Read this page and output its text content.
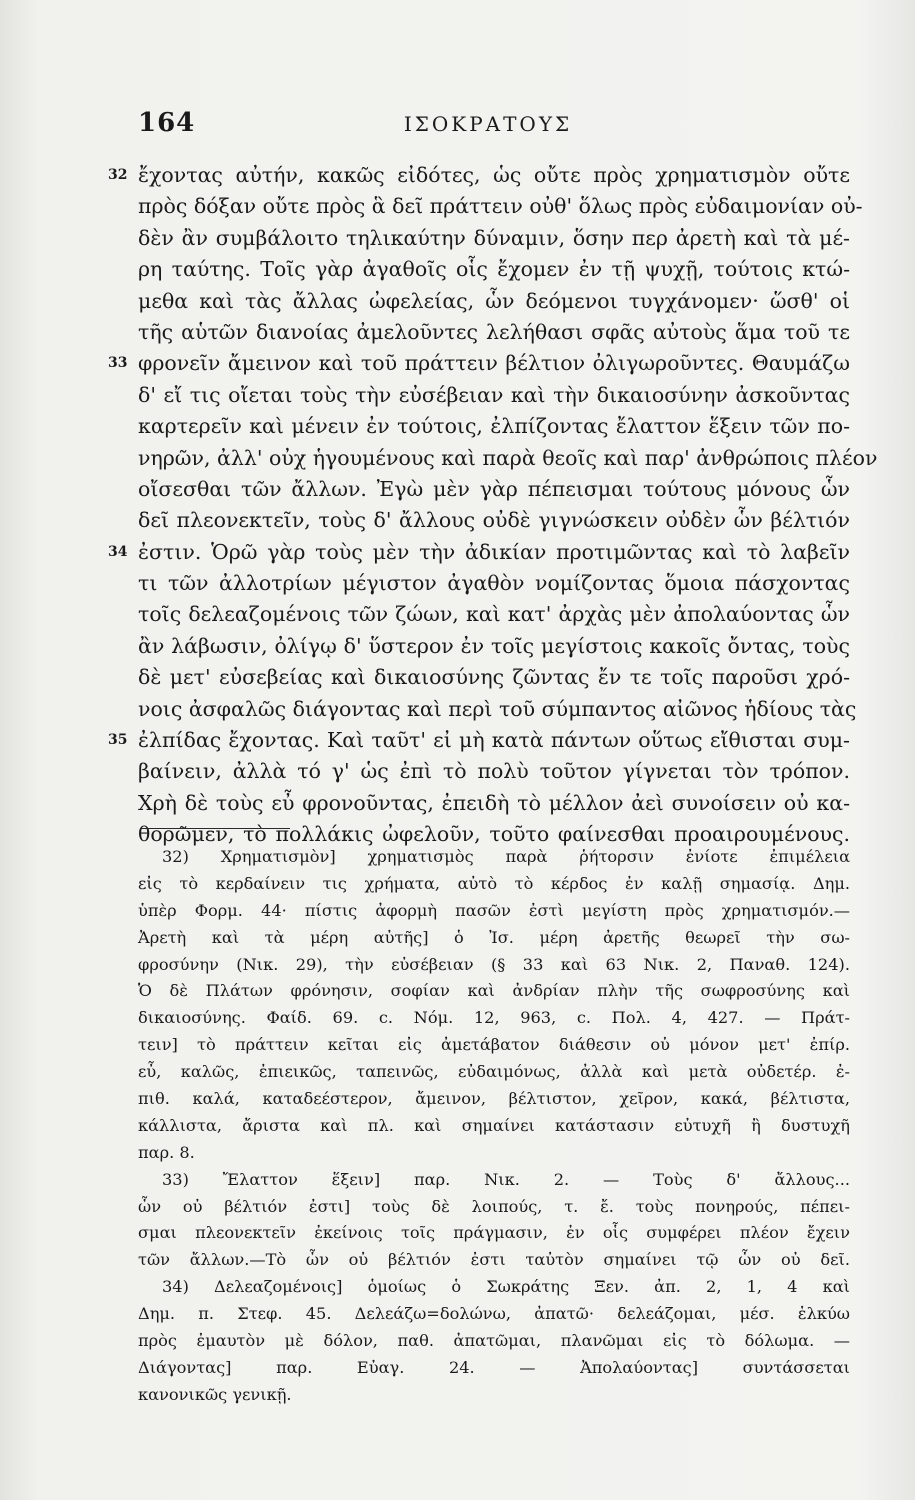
164	ΙΣΟΚΡΑΤΟΥΣ
32 ἔχοντας αὐτήν, κακῶς εἰδότες, ὡς οὔτε πρὸς χρηματισμὸν οὔτε
πρὸς δόξαν οὔτε πρὸς ἃ δεῖ πράττειν οὐθ' ὅλως πρὸς εὐδαιμονίαν οὐ-
δὲν ἂν συμβάλοιτο τηλικαύτην δύναμιν, ὅσην περ ἀρετὴ καὶ τὰ μέ-
ρη ταύτης. Τοῖς γὰρ ἀγαθοῖς οἷς ἔχομεν ἐν τῇ ψυχῇ, τούτοις κτώ-
μεθα καὶ τὰς ἄλλας ὠφελείας, ὧν δεόμενοι τυγχάνομεν· ὥσθ' οἱ
τῆς αὑτῶν διανοίας ἀμελοῦντες λελήθασι σφᾶς αὐτοὺς ἅμα τοῦ τε
33 φρονεῖν ἄμεινον καὶ τοῦ πράττειν βέλτιον ὀλιγωροῦντες. Θαυμάζω
δ' εἴ τις οἴεται τοὺς τὴν εὐσέβειαν καὶ τὴν δικαιοσύνην ἀσκοῦντας
καρτερεῖν καὶ μένειν ἐν τούτοις, ἐλπίζοντας ἔλαττον ἕξειν τῶν πο-
νηρῶν, ἀλλ' οὐχ ἡγουμένους καὶ παρὰ θεοῖς καὶ παρ' ἀνθρώποις πλέον
οἴσεσθαι τῶν ἄλλων. Ἐγὼ μὲν γὰρ πέπεισμαι τούτους μόνους ὧν
δεῖ πλεονεκτεῖν, τοὺς δ' ἄλλους οὐδὲ γιγνώσκειν οὐδὲν ὧν βέλτιόν
34 ἐστιν. Ὁρῶ γὰρ τοὺς μὲν τὴν ἀδικίαν προτιμῶντας καὶ τὸ λαβεῖν
τι τῶν ἀλλοτρίων μέγιστον ἀγαθὸν νομίζοντας ὅμοια πάσχοντας
τοῖς δελεαζομένοις τῶν ζώων, καὶ κατ' ἀρχὰς μὲν ἀπολαύοντας ὧν
ἂν λάβωσιν, ὀλίγῳ δ' ὕστερον ἐν τοῖς μεγίστοις κακοῖς ὄντας, τοὺς
δὲ μετ' εὐσεβείας καὶ δικαιοσύνης ζῶντας ἔν τε τοῖς παροῦσι χρό-
νοις ἀσφαλῶς διάγοντας καὶ περὶ τοῦ σύμπαντος αἰῶνος ἡδίους τὰς
35 ἐλπίδας ἔχοντας. Καὶ ταῦτ' εἰ μὴ κατὰ πάντων οὕτως εἴθισται συμ-
βαίνειν, ἀλλὰ τό γ' ὡς ἐπὶ τὸ πολὺ τοῦτον γίγνεται τὸν τρόπον.
Χρὴ δὲ τοὺς εὖ φρονοῦντας, ἐπειδὴ τὸ μέλλον ἀεὶ συνοίσειν οὐ κα-
θορῶμεν, τὸ πολλάκις ὠφελοῦν, τοῦτο φαίνεσθαι προαιρουμένους.
32) Χρηματισμὸν] χρηματισμὸς παρὰ ῥήτορσιν ἐνίοτε ἐπιμέλεια
εἰς τὸ κερδαίνειν τις χρήματα, αὐτὸ τὸ κέρδος ἐν καλῇ σημασίᾳ. Δημ.
ὑπὲρ Φορμ. 44· πίστις ἀφορμὴ πασῶν ἐστὶ μεγίστη πρὸς χρηματισμόν.—
Ἀρετὴ καὶ τὰ μέρη αὐτῆς] ὁ Ἰσ. μέρη ἀρετῆς θεωρεῖ τὴν σω-
φροσύνην (Νικ. 29), τὴν εὐσέβειαν (§ 33 καὶ 63 Νικ. 2, Παναθ. 124).
Ὁ δὲ Πλάτων φρόνησιν, σοφίαν καὶ ἀνδρίαν πλὴν τῆς σωφροσύνης καὶ
δικαιοσύνης. Φαίδ. 69. c. Νόμ. 12, 963, c. Πολ. 4, 427. — Πράτ-
τειν] τὸ πράττειν κεῖται εἰς ἀμετάβατον διάθεσιν οὐ μόνον μετ' ἐπίρ.
εὖ, καλῶς, ἐπιεικῶς, ταπεινῶς, εὐδαιμόνως, ἀλλὰ καὶ μετὰ οὐδετέρ. ἐ-
πιθ. καλά, καταδεέστερον, ἄμεινον, βέλτιστον, χεῖρον, κακά, βέλτιστα,
κάλλιστα, ἄριστα καὶ πλ. καὶ σημαίνει κατάστασιν εὐτυχῆ ἢ δυστυχῆ
παρ. 8.
33) Ἔλαττον ἕξειν] παρ. Νικ. 2. — Τοὺς δ' ἄλλους...
ὧν οὐ βέλτιόν ἐστι] τοὺς δὲ λοιπούς, τ. ἔ. τοὺς πονηρούς, πέπει-
σμαι πλεονεκτεῖν ἐκείνοις τοῖς πράγμασιν, ἐν οἷς συμφέρει πλέον ἔχειν
τῶν ἄλλων.—Τὸ ὧν οὐ βέλτιόν ἐστι ταὐτὸν σημαίνει τῷ ὧν οὐ δεῖ.
34) Δελεαζομένοις] ὁμοίως ὁ Σωκράτης Ξεν. ἀπ. 2, 1, 4 καὶ
Δημ. π. Στεφ. 45. Δελεάζω=δολώνω, ἀπατῶ· δελεάζομαι, μέσ. ἑλκύω
πρὸς ἐμαυτὸν μὲ δόλον, παθ. ἀπατῶμαι, πλανῶμαι εἰς τὸ δόλωμα. —
Διάγοντας] παρ. Εὐαγ. 24. — Ἀπολαύοντας] συντάσσεται
κανονικῶς γενικῇ.
